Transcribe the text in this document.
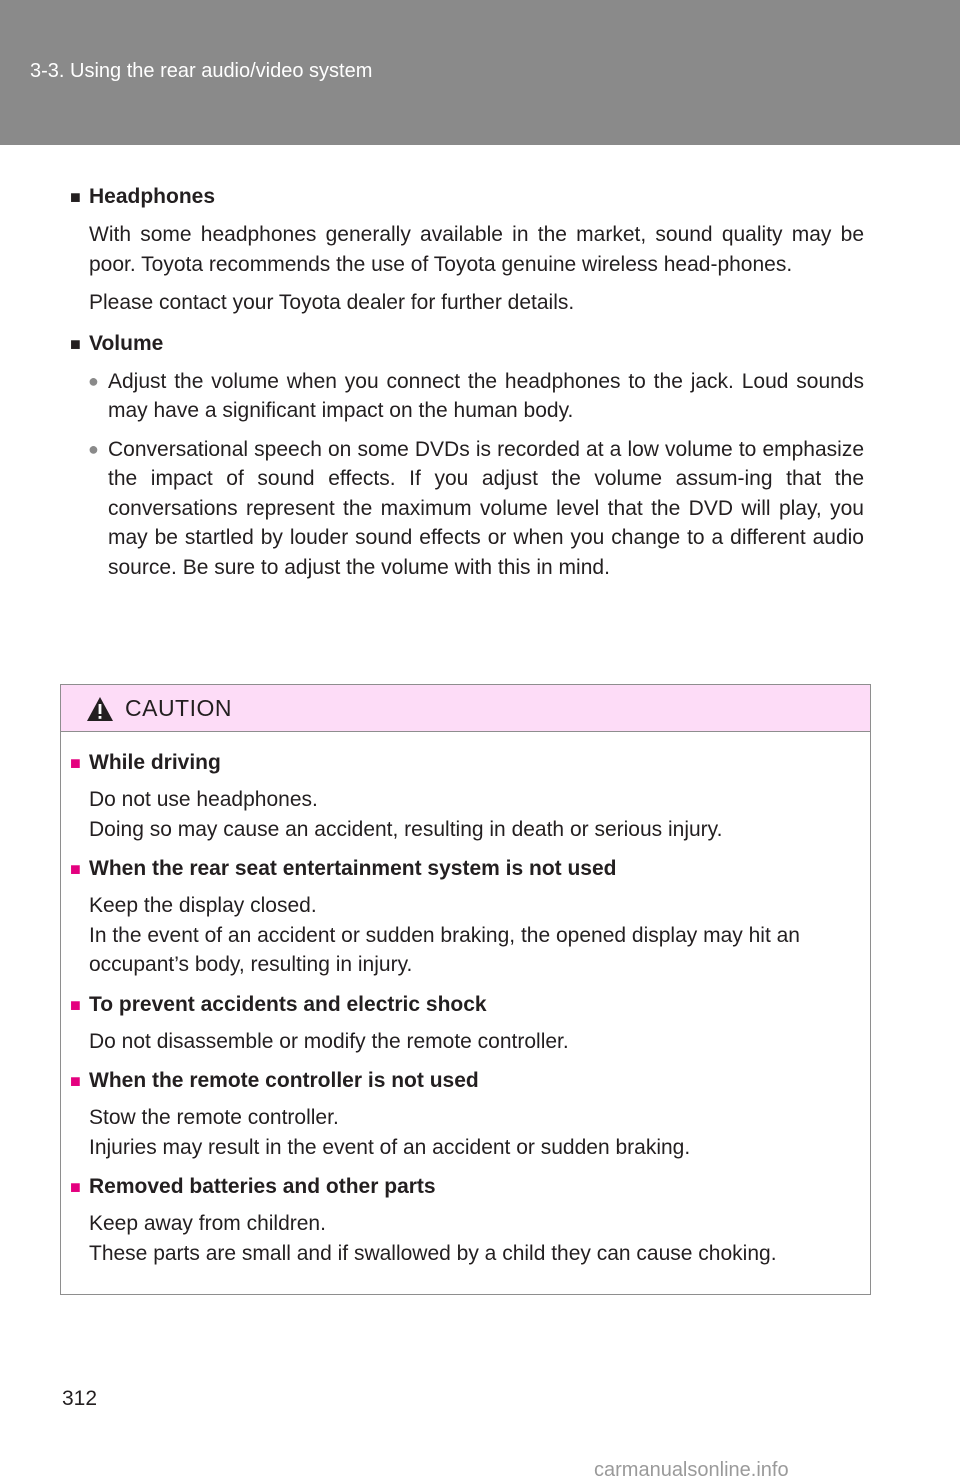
3-3. Using the rear audio/video system
■ Headphones
With some headphones generally available in the market, sound quality may be poor. Toyota recommends the use of Toyota genuine wireless head-phones.
Please contact your Toyota dealer for further details.
■ Volume
● Adjust the volume when you connect the headphones to the jack. Loud sounds may have a significant impact on the human body.
● Conversational speech on some DVDs is recorded at a low volume to emphasize the impact of sound effects. If you adjust the volume assum-ing that the conversations represent the maximum volume level that the DVD will play, you may be startled by louder sound effects or when you change to a different audio source. Be sure to adjust the volume with this in mind.
CAUTION
■ While driving
Do not use headphones.
Doing so may cause an accident, resulting in death or serious injury.
■ When the rear seat entertainment system is not used
Keep the display closed.
In the event of an accident or sudden braking, the opened display may hit an occupant’s body, resulting in injury.
■ To prevent accidents and electric shock
Do not disassemble or modify the remote controller.
■ When the remote controller is not used
Stow the remote controller.
Injuries may result in the event of an accident or sudden braking.
■ Removed batteries and other parts
Keep away from children.
These parts are small and if swallowed by a child they can cause choking.
312
carmanualsonline.info
